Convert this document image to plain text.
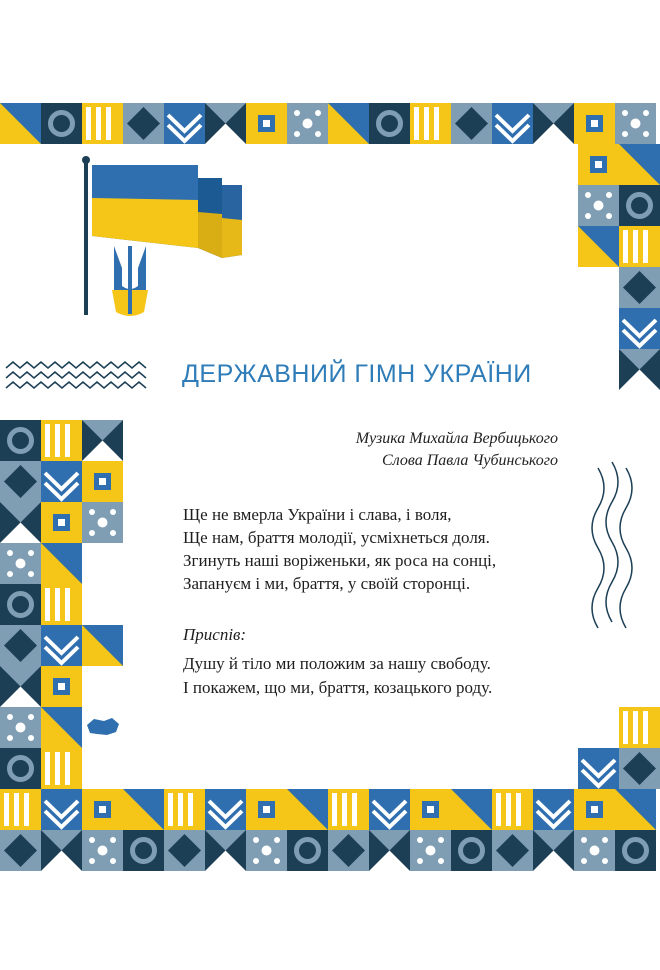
ДЕРЖАВНИЙ ГІМН УКРАЇНИ
Музика Михайла Вербицького
Слова Павла Чубинського
Ще не вмерла України і слава, і воля,
Ще нам, браття молодії, усміхнеться доля.
Згинуть наші воріженьки, як роса на сонці,
Запануєм і ми, браття, у своїй сторонці.
Приспів:
Душу й тіло ми положим за нашу свободу.
І покажем, що ми, браття, козацького роду.
